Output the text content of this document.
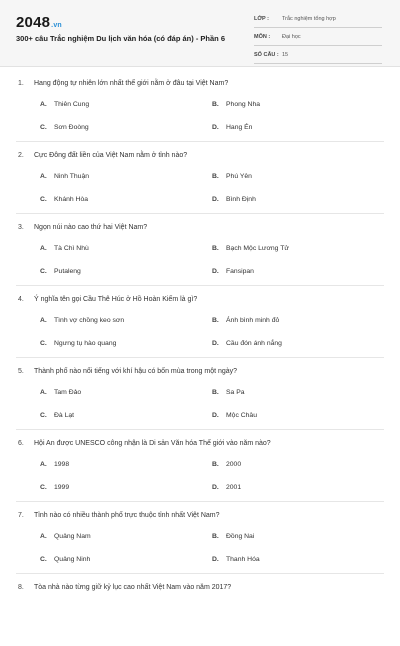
2048.vn
300+ câu Trắc nghiệm Du lịch văn hóa (có đáp án) - Phần 6
LỚP : Trắc nghiệm tổng hợp
MÔN : Đại học
SỐ CÂU : 15
1. Hang động tự nhiên lớn nhất thế giới nằm ở đâu tại Việt Nam?
A. Thiên Cung	B. Phong Nha
C. Sơn Đoòng	D. Hang Én
2. Cực Đông đất liền của Việt Nam nằm ở tỉnh nào?
A. Ninh Thuận	B. Phú Yên
C. Khánh Hòa	D. Bình Định
3. Ngọn núi nào cao thứ hai Việt Nam?
A. Tà Chì Nhù	B. Bạch Mộc Lương Tử
C. Putaleng	D. Fansipan
4. Ý nghĩa tên gọi Cầu Thê Húc ở Hồ Hoàn Kiếm là gì?
A. Tình vợ chồng keo sơn	B. Ánh bình minh đỏ
C. Ngưng tụ hào quang	D. Cầu đón ánh nắng
5. Thành phố nào nổi tiếng với khí hậu có bốn mùa trong một ngày?
A. Tam Đảo	B. Sa Pa
C. Đà Lạt	D. Mộc Châu
6. Hội An được UNESCO công nhận là Di sản Văn hóa Thế giới vào năm nào?
A. 1998	B. 2000
C. 1999	D. 2001
7. Tỉnh nào có nhiều thành phố trực thuộc tỉnh nhất Việt Nam?
A. Quảng Nam	B. Đồng Nai
C. Quảng Ninh	D. Thanh Hóa
8. Tòa nhà nào từng giữ kỷ lục cao nhất Việt Nam vào năm 2017?
